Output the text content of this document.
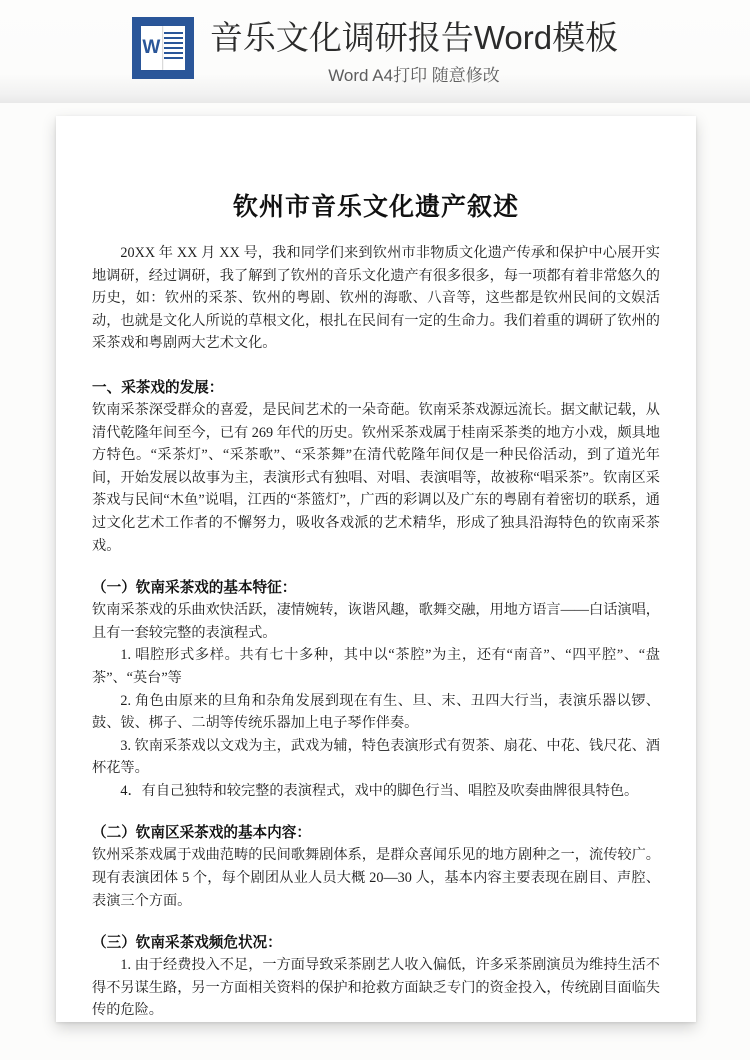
W 音乐文化调研报告Word模板
Word A4打印 随意修改
钦州市音乐文化遗产叙述

20XX 年 XX 月 XX 号，我和同学们来到钦州市非物质文化遗产传承和保护中心展开实地调研，经过调研，我了解到了钦州的音乐文化遗产有很多很多，每一项都有着非常悠久的历史，如：钦州的采茶、钦州的粤剧、钦州的海歌、八音等，这些都是钦州民间的文娱活动，也就是文化人所说的草根文化，根扎在民间有一定的生命力。我们着重的调研了钦州的采茶戏和粤剧两大艺术文化。

一、采茶戏的发展：

钦南采茶深受群众的喜爱，是民间艺术的一朵奇葩。钦南采茶戏源远流长。据文献记载，从清代乾隆年间至今，已有 269 年代的历史。钦州采茶戏属于桂南采茶类的地方小戏，颇具地方特色。“采茶灯”、“采茶歌”、“采茶舞”在清代乾隆年间仅是一种民俗活动，到了道光年间，开始发展以故事为主，表演形式有独唱、对唱、表演唱等，故被称“唱采茶”。钦南区采茶戏与民间“木鱼”说唱，江西的“茶篮灯”，广西的彩调以及广东的粤剧有着密切的联系，通过文化艺术工作者的不懈努力，吸收各戏派的艺术精华，形成了独具沿海特色的钦南采茶戏。

（一）钦南采茶戏的基本特征：

钦南采茶戏的乐曲欢快活跃，凄情婉转，诙谐风趣，歌舞交融，用地方语言——白话演唱，且有一套较完整的表演程式。

1. 唱腔形式多样。共有七十多种，其中以“茶腔”为主，还有“南音”、“四平腔”、“盘茶”、“英台”等

2. 角色由原来的旦角和杂角发展到现在有生、旦、末、丑四大行当，表演乐器以锣、鼓、钹、梆子、二胡等传统乐器加上电子琴作伴奏。

3. 钦南采茶戏以文戏为主，武戏为辅，特色表演形式有贺茶、扇花、中花、钱尺花、酒杯花等。

4．有自己独特和较完整的表演程式，戏中的脚色行当、唱腔及吹奏曲牌很具特色。

（二）钦南区采茶戏的基本内容：

钦州采茶戏属于戏曲范畴的民间歌舞剧体系，是群众喜闻乐见的地方剧种之一，流传较广。现有表演团体 5 个，每个剧团从业人员大概 20—30 人，基本内容主要表现在剧目、声腔、表演三个方面。

（三）钦南采茶戏频危状况：

1. 由于经费投入不足，一方面导致采茶剧艺人收入偏低，许多采茶剧演员为维持生活不得不另谋生路，另一方面相关资料的保护和抢救方面缺乏专门的资金投入，传统剧目面临失传的危险。
